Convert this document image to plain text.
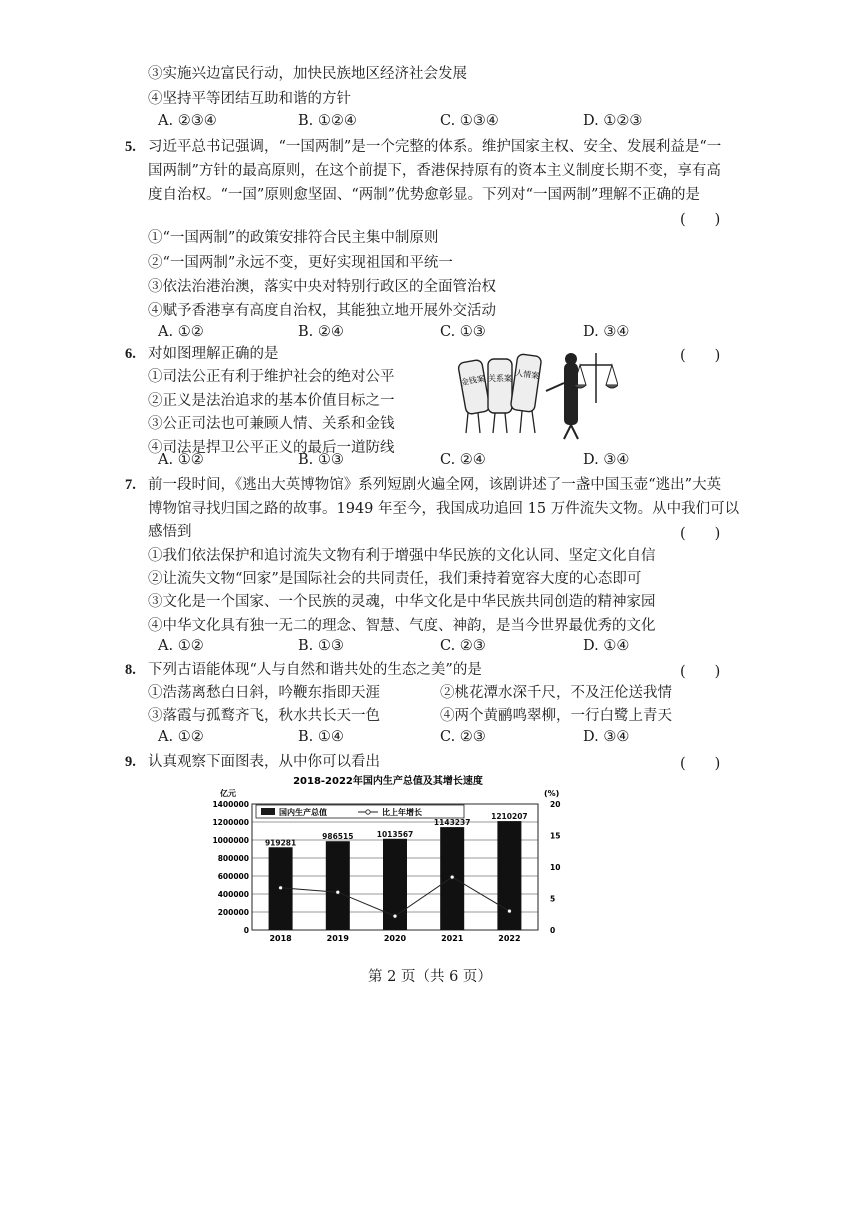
③实施兴边富民行动，加快民族地区经济社会发展
④坚持平等团结互助和谐的方针
A. ②③④	B. ①②④	C. ①③④	D. ①②③
5. 习近平总书记强调，“一国两制”是一个完整的体系。维护国家主权、安全、发展利益是“一
国两制”方针的最高原则，在这个前提下，香港保持原有的资本主义制度长期不变，享有高
度自治权。“一国”原则愈坚固、“两制”优势愈彰显。下列对“一国两制”理解不正确的是
(　　)
①“一国两制”的政策安排符合民主集中制原则
②“一国两制”永远不变，更好实现祖国和平统一
③依法治港治澳，落实中央对特别行政区的全面管治权
④赋予香港享有高度自治权，其能独立地开展外交活动
A. ①②	B. ②④	C. ①③	D. ③④
6. 对如图理解正确的是	(　　)
①司法公正有利于维护社会的绝对公平
②正义是法治追求的基本价值目标之一
③公正司法也可兼顾人情、关系和金钱
④司法是捍卫公平正义的最后一道防线
金钱案 关系案 人情案
A. ①②	B. ①③	C. ②④	D. ③④
7. 前一段时间，《逃出大英博物馆》系列短剧火遍全网，该剧讲述了一盏中国玉壶“逃出”大英
博物馆寻找归国之路的故事。1949 年至今，我国成功追回 15 万件流失文物。从中我们可以
感悟到	(　　)
①我们依法保护和追讨流失文物有利于增强中华民族的文化认同、坚定文化自信
②让流失文物“回家”是国际社会的共同责任，我们秉持着宽容大度的心态即可
③文化是一个国家、一个民族的灵魂，中华文化是中华民族共同创造的精神家园
④中华文化具有独一无二的理念、智慧、气度、神韵，是当今世界最优秀的文化
A. ①②	B. ①③	C. ②③	D. ①④
8. 下列古语能体现“人与自然和谐共处的生态之美”的是	(　　)
①浩荡离愁白日斜，吟鞭东指即天涯	②桃花潭水深千尺，不及汪伦送我情
③落霞与孤鹜齐飞，秋水共长天一色	④两个黄鹂鸣翠柳，一行白鹭上青天
A. ①②	B. ①④	C. ②③	D. ③④
9. 认真观察下面图表，从中你可以看出	(　　)
2018-2022年国内生产总值及其增长速度
亿元	(%)
1400000
1200000
1000000
800000
600000
400000
200000
0
20
15
10
5
0
2018	2019	2020	2021	2022
919281
986515	1013567
1143237
1210207
国内生产总值	比上年增长
第 2 页（共 6 页）
